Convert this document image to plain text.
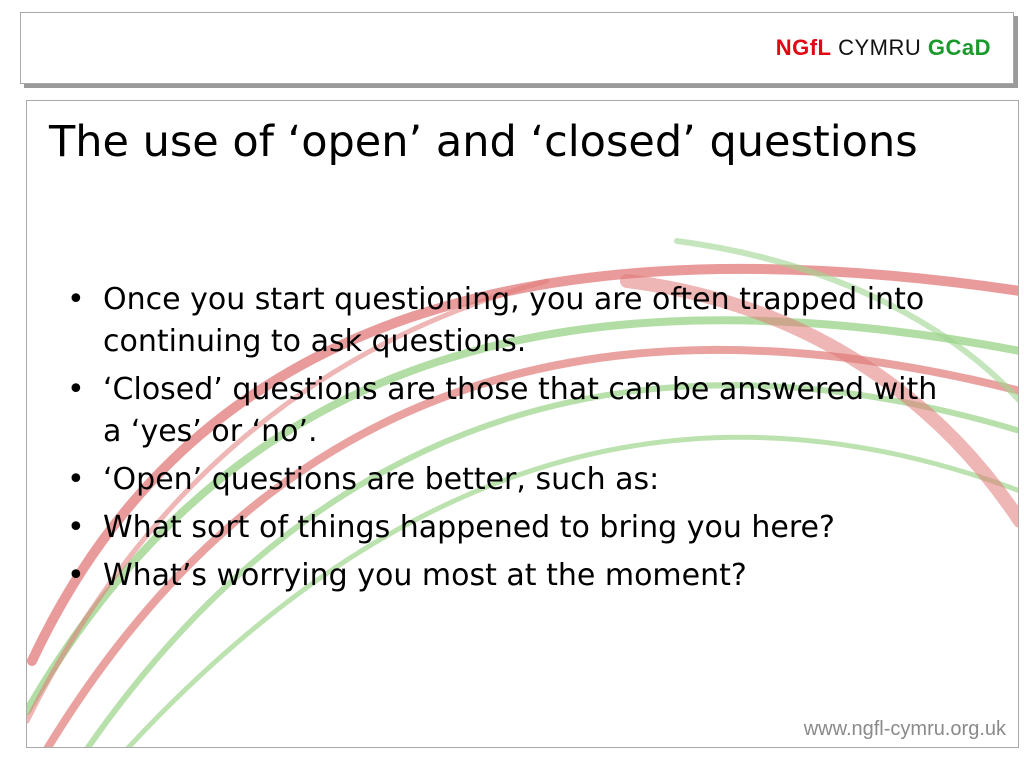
NGfL CYMRU GCaD
The use of ‘open’ and ‘closed’ questions
• Once you start questioning, you are often trapped into continuing to ask questions.
• ‘Closed’ questions are those that can be answered with a ‘yes’ or ‘no’.
• ‘Open’ questions are better, such as:
• What sort of things happened to bring you here?
• What’s worrying you most at the moment?
www.ngfl-cymru.org.uk
